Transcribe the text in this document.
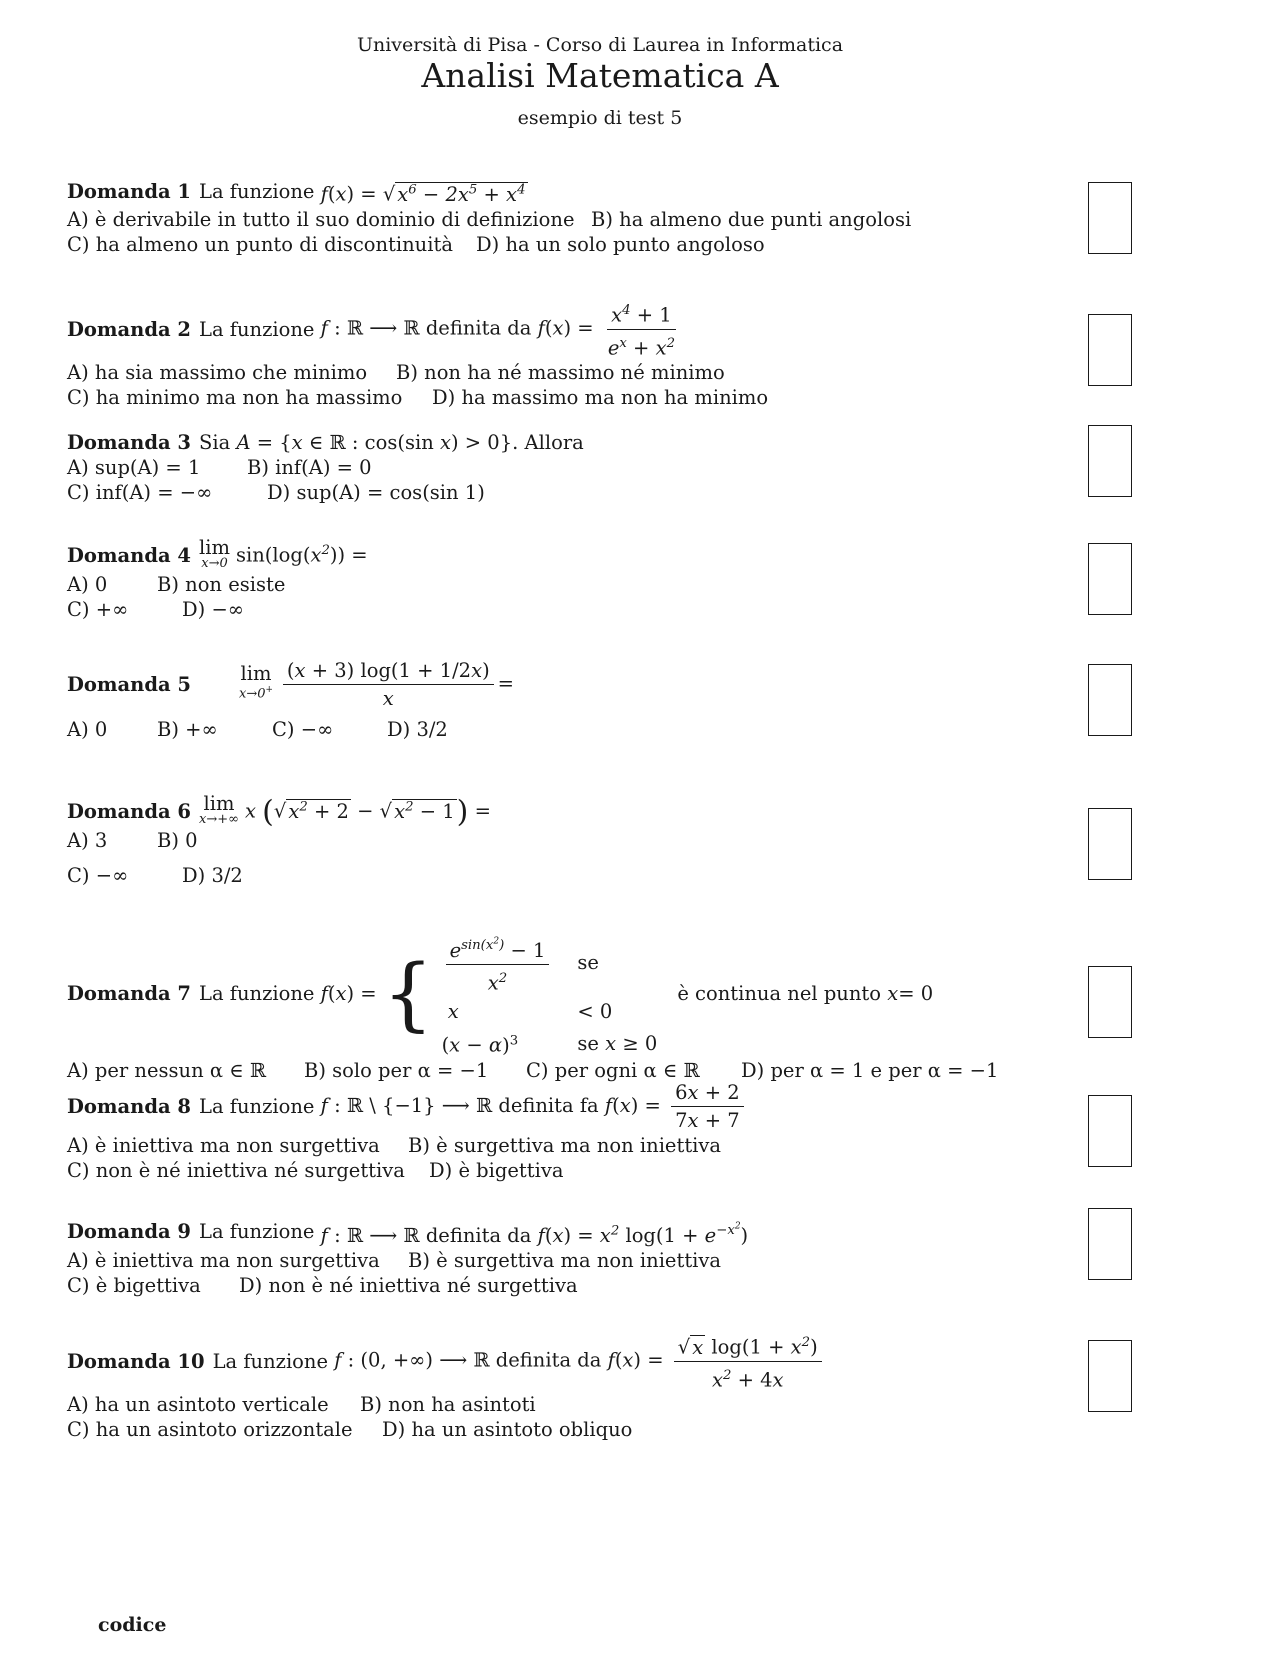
Università di Pisa - Corso di Laurea in Informatica
Analisi Matematica A
esempio di test 5
Domanda 1 La funzione
f(x) = √ $x^6 - 2x^5 + x^4$
A) è derivabile in tutto il suo dominio di definizione B) ha almeno due punti angolosi
C) ha almeno un punto di discontinuità D) ha un solo punto angoloso
Domanda 2 La funzione
f : ℝ ⟶ ℝ definita da $f(x) = \frac{x^4 + 1}{e^x + x^2}$
A) ha sia massimo che minimo B) non ha né massimo né minimo
C) ha minimo ma non ha massimo D) ha massimo ma non ha minimo
Domanda 3 Sia
A = {x ∈ ℝ : cos(sin x) > 0}. Allora
A) sup(A) = 1 B) inf(A) = 0
C) inf(A) = −∞	D) sup(A) = cos(sin 1)
Domanda 4 lim
x→0 $\sin(\log(x^2))$ =
A) 0	B) non esiste
C) +∞	D) −∞
Domanda 5	lim
$x\to 0^+ \frac{(x + 3) \log(1 + 1/2x)}{x}$ =
A) 0	B) +∞	C) −∞	D) 3/2
Domanda 6 lim
x→+∞ x (√ $x^2 + 2$ − √ $x^2 - 1$) =
A) 3	B) 0
C) −∞	D) 3/2
Domanda 7 La funzione
f ( x ) = { $\frac{e^{sin(x^2)} - 1}{x^2}$ se
x	< 0
$(x - \alpha)^3$	se x ≥ 0
è continua nel punto x = 0
A) per nessun α ∈ ℝ B) solo per α = −1 C) per ogni α ∈ ℝ D) per α = 1 e per α = −1
Domanda 8 La funzione
f : ℝ \ {−1} ⟶ ℝ definita fa $f(x) = \frac{6x + 2}{7x + 7}$
A) è iniettiva ma non surgettiva B) è surgettiva ma non iniettiva
C) non è né iniettiva né surgettiva D) è bigettiva
Domanda 9 La funzione
f : ℝ ⟶ ℝ definita da $f(x) = x^2$ $\log(1 + e^{-x^2})$
A) è iniettiva ma non surgettiva B) è surgettiva ma non iniettiva
C) è bigettiva D) non è né iniettiva né surgettiva
Domanda 10 La funzione
f : (0, +∞) ⟶ ℝ definita da $f(x) = \frac{√ x \log(1 + x^2)}{x^2 + 4x}$
A) ha un asintoto verticale B) non ha asintoti
C) ha un asintoto orizzontale D) ha un asintoto obliquo
codice
